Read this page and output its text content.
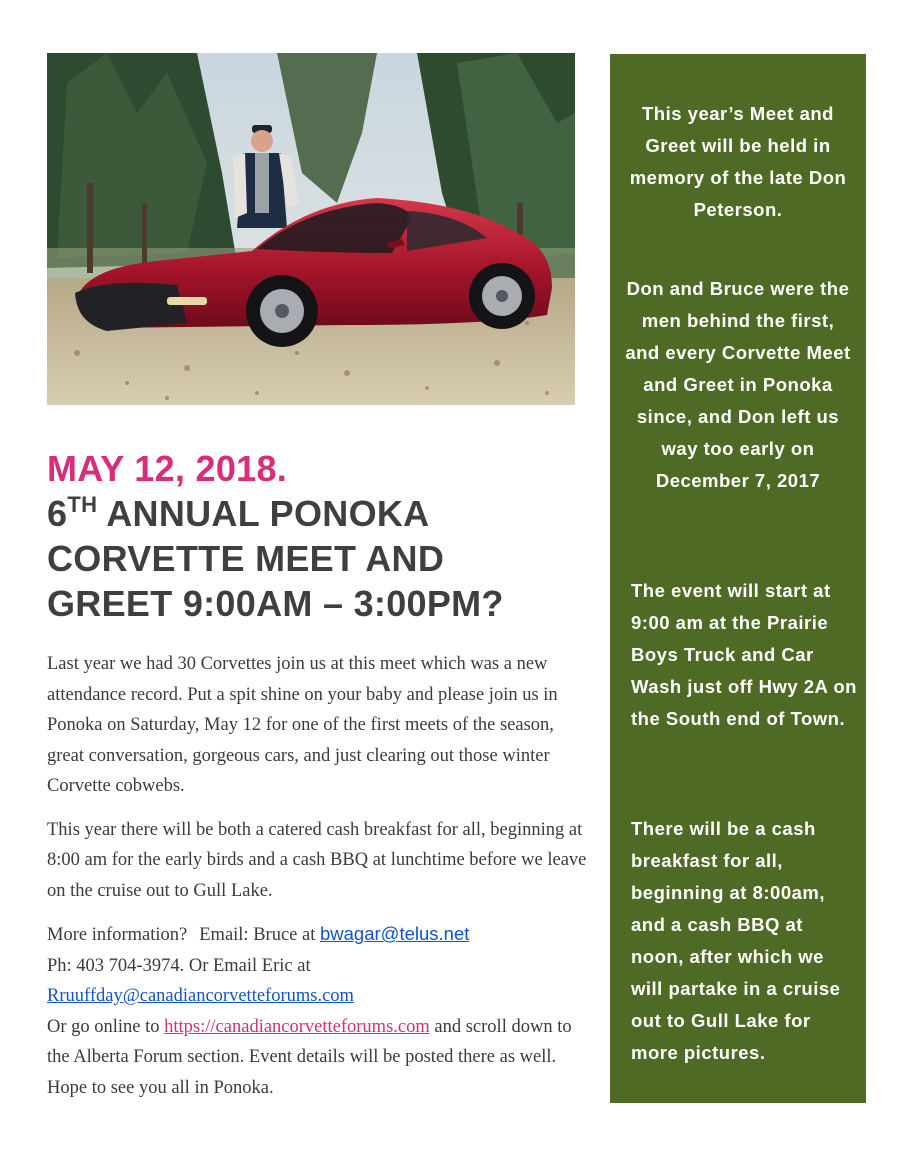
MAY 12, 2018.
6TH ANNUAL PONOKA
CORVETTE MEET AND
GREET 9:00AM – 3:00PM?

Last year we had 30 Corvettes join us at this meet which was a new attendance record. Put a spit shine on your baby and please join us in Ponoka on Saturday, May 12 for one of the first meets of the season, great conversation, gorgeous cars, and just clearing out those winter Corvette cobwebs.

This year there will be both a catered cash breakfast for all, beginning at 8:00 am for the early birds and a cash BBQ at lunchtime before we leave on the cruise out to Gull Lake.

More information? Email: Bruce at bwagar@telus.net
Ph: 403 704-3974. Or Email Eric at
Rruuffday@canadiancorvetteforums.com
Or go online to https://canadiancorvetteforums.com and scroll down to the Alberta Forum section. Event details will be posted there as well. Hope to see you all in Ponoka.

This year’s Meet and Greet will be held in memory of the late Don Peterson.
Don and Bruce were the men behind the first, and every Corvette Meet and Greet in Ponoka since, and Don left us way too early on December 7, 2017
The event will start at 9:00 am at the Prairie Boys Truck and Car Wash just off Hwy 2A on the South end of Town.
There will be a cash breakfast for all, beginning at 8:00am, and a cash BBQ at noon, after which we will partake in a cruise out to Gull Lake for more pictures.
